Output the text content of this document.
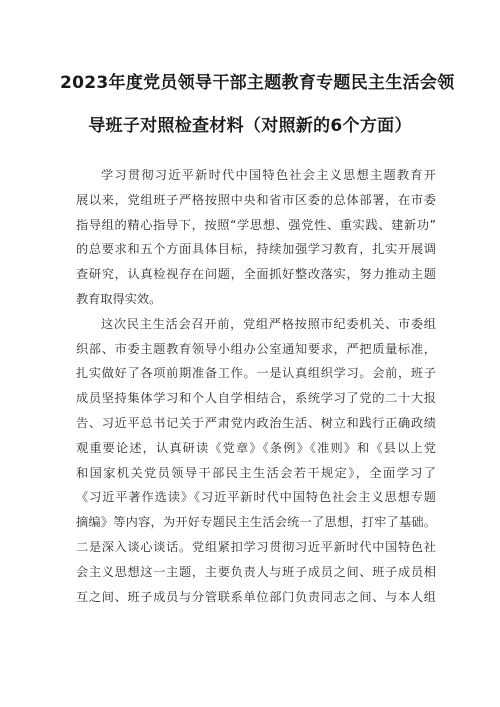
2023年度党员领导干部主题教育专题民主生活会领
导班子对照检查材料（对照新的6个方面）
学习贯彻习近平新时代中国特色社会主义思想主题教育开
展以来，党组班子严格按照中央和省市区委的总体部署，在市委
指导组的精心指导下，按照“学思想、强党性、重实践、建新功”
的总要求和五个方面具体目标，持续加强学习教育，扎实开展调
查研究，认真检视存在问题，全面抓好整改落实，努力推动主题
教育取得实效。
这次民主生活会召开前，党组严格按照市纪委机关、市委组
织部、市委主题教育领导小组办公室通知要求，严把质量标准，
扎实做好了各项前期准备工作。一是认真组织学习。会前，班子
成员坚持集体学习和个人自学相结合，系统学习了党的二十大报
告、习近平总书记关于严肃党内政治生活、树立和践行正确政绩
观重要论述，认真研读《党章》《条例》《准则》和《县以上党
和国家机关党员领导干部民主生活会若干规定》，全面学习了
《习近平著作选读》《习近平新时代中国特色社会主义思想专题
摘编》等内容，为开好专题民主生活会统一了思想，打牢了基础。
二是深入谈心谈话。党组紧扣学习贯彻习近平新时代中国特色社
会主义思想这一主题，主要负责人与班子成员之间、班子成员相
互之间、班子成员与分管联系单位部门负责同志之间、与本人组
